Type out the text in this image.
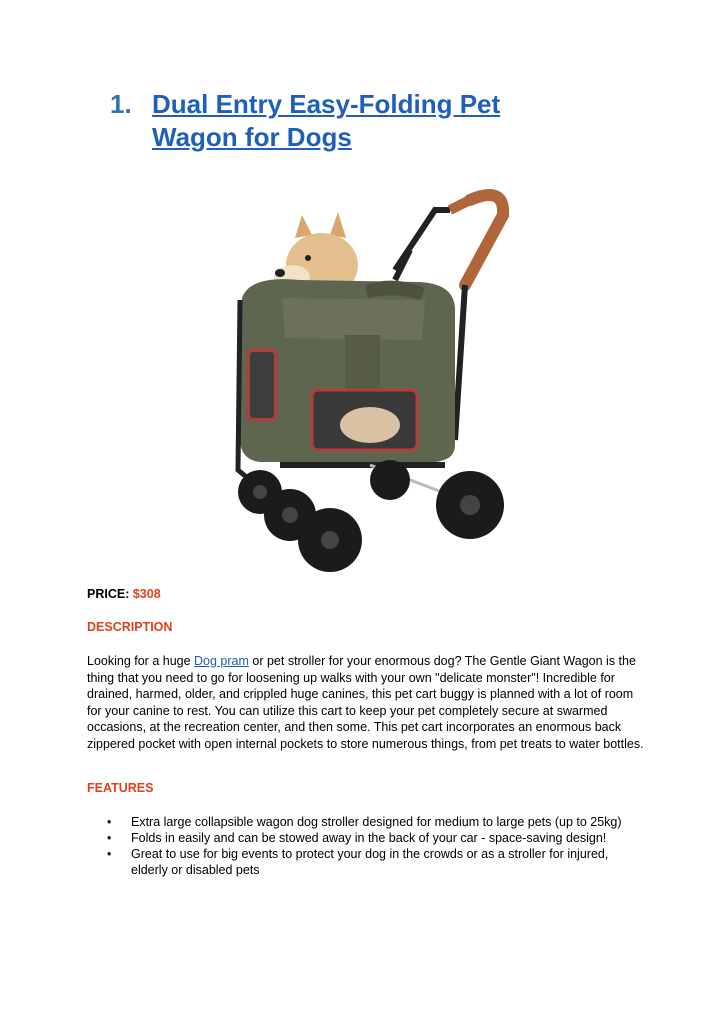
1. Dual Entry Easy-Folding Pet Wagon for Dogs
PRICE: $308
DESCRIPTION
Looking for a huge Dog pram or pet stroller for your enormous dog? The Gentle Giant Wagon is the thing that you need to go for loosening up walks with your own "delicate monster"! Incredible for drained, harmed, older, and crippled huge canines, this pet cart buggy is planned with a lot of room for your canine to rest. You can utilize this cart to keep your pet completely secure at swarmed occasions, at the recreation center, and then some. This pet cart incorporates an enormous back zippered pocket with open internal pockets to store numerous things, from pet treats to water bottles.
FEATURES
• Extra large collapsible wagon dog stroller designed for medium to large pets (up to 25kg)
• Folds in easily and can be stowed away in the back of your car - space-saving design!
• Great to use for big events to protect your dog in the crowds or as a stroller for injured, elderly or disabled pets
